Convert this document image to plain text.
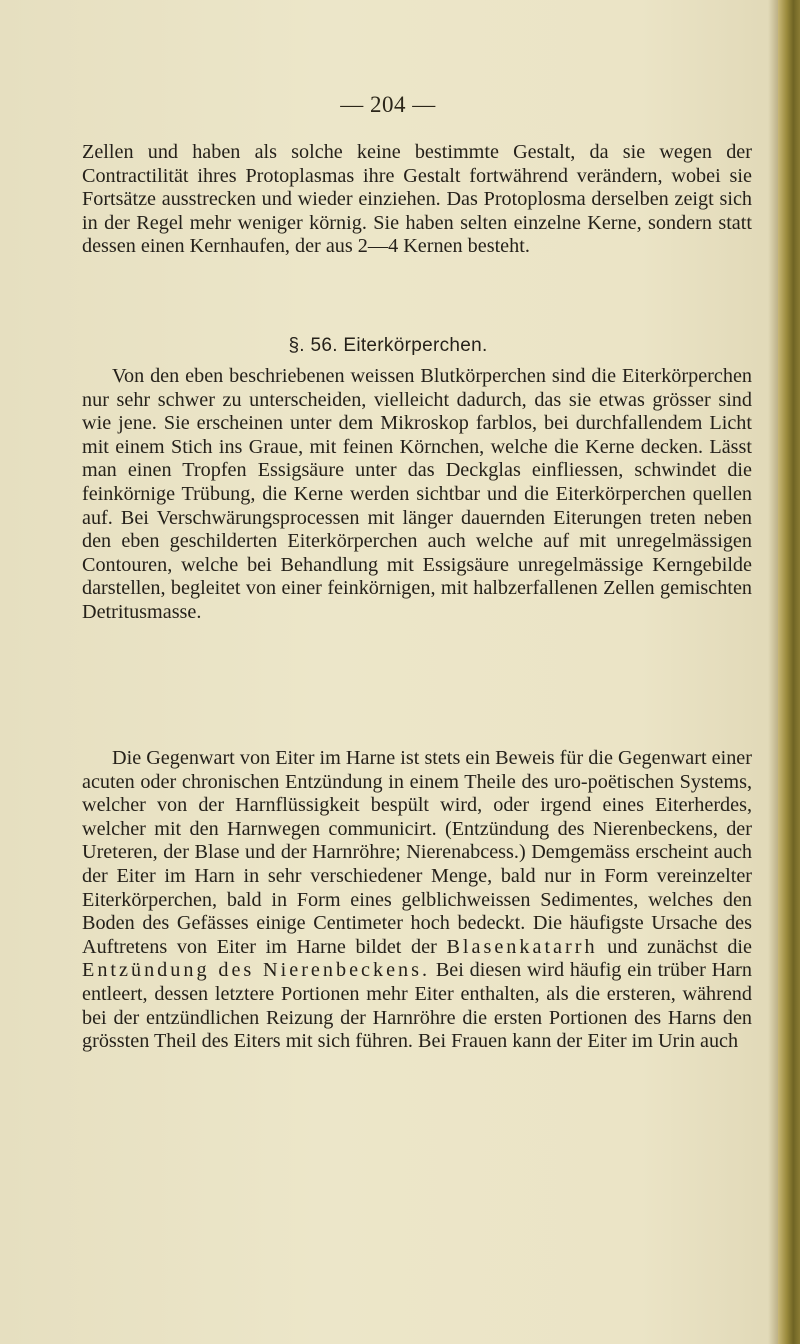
— 204 —
Zellen und haben als solche keine bestimmte Gestalt, da sie wegen der Contractilität ihres Protoplasmas ihre Gestalt fortwährend verändern, wobei sie Fortsätze ausstrecken und wieder einziehen. Das Protoplosma derselben zeigt sich in der Regel mehr weniger körnig. Sie haben selten einzelne Kerne, sondern statt dessen einen Kernhaufen, der aus 2—4 Kernen besteht.
§. 56. Eiterkörperchen.
Von den eben beschriebenen weissen Blutkörperchen sind die Eiterkörperchen nur sehr schwer zu unterscheiden, vielleicht dadurch, das sie etwas grösser sind wie jene. Sie erscheinen unter dem Mikroskop farblos, bei durchfallendem Licht mit einem Stich ins Graue, mit feinen Körnchen, welche die Kerne decken. Lässt man einen Tropfen Essigsäure unter das Deckglas einfliessen, schwindet die feinkörnige Trübung, die Kerne werden sichtbar und die Eiterkörperchen quellen auf. Bei Verschwärungsprocessen mit länger dauernden Eiterungen treten neben den eben geschilderten Eiterkörperchen auch welche auf mit unregelmässigen Contouren, welche bei Behandlung mit Essigsäure unregelmässige Kerngebilde darstellen, begleitet von einer feinkörnigen, mit halbzerfallenen Zellen gemischten Detritusmasse.
Die Gegenwart von Eiter im Harne ist stets ein Beweis für die Gegenwart einer acuten oder chronischen Entzündung in einem Theile des uro-poëtischen Systems, welcher von der Harnflüssigkeit bespült wird, oder irgend eines Eiterherdes, welcher mit den Harnwegen communicirt. (Entzündung des Nierenbeckens, der Ureteren, der Blase und der Harnröhre; Nierenabcess.) Demgemäss erscheint auch der Eiter im Harn in sehr verschiedener Menge, bald nur in Form vereinzelter Eiterkörperchen, bald in Form eines gelblichweissen Sedimentes, welches den Boden des Gefässes einige Centimeter hoch bedeckt. Die häufigste Ursache des Auftretens von Eiter im Harne bildet der Blasenkatarrh und zunächst die Entzündung des Nierenbeckens. Bei diesen wird häufig ein trüber Harn entleert, dessen letztere Portionen mehr Eiter enthalten, als die ersteren, während bei der entzündlichen Reizung der Harnröhre die ersten Portionen des Harns den grössten Theil des Eiters mit sich führen. Bei Frauen kann der Eiter im Urin auch
